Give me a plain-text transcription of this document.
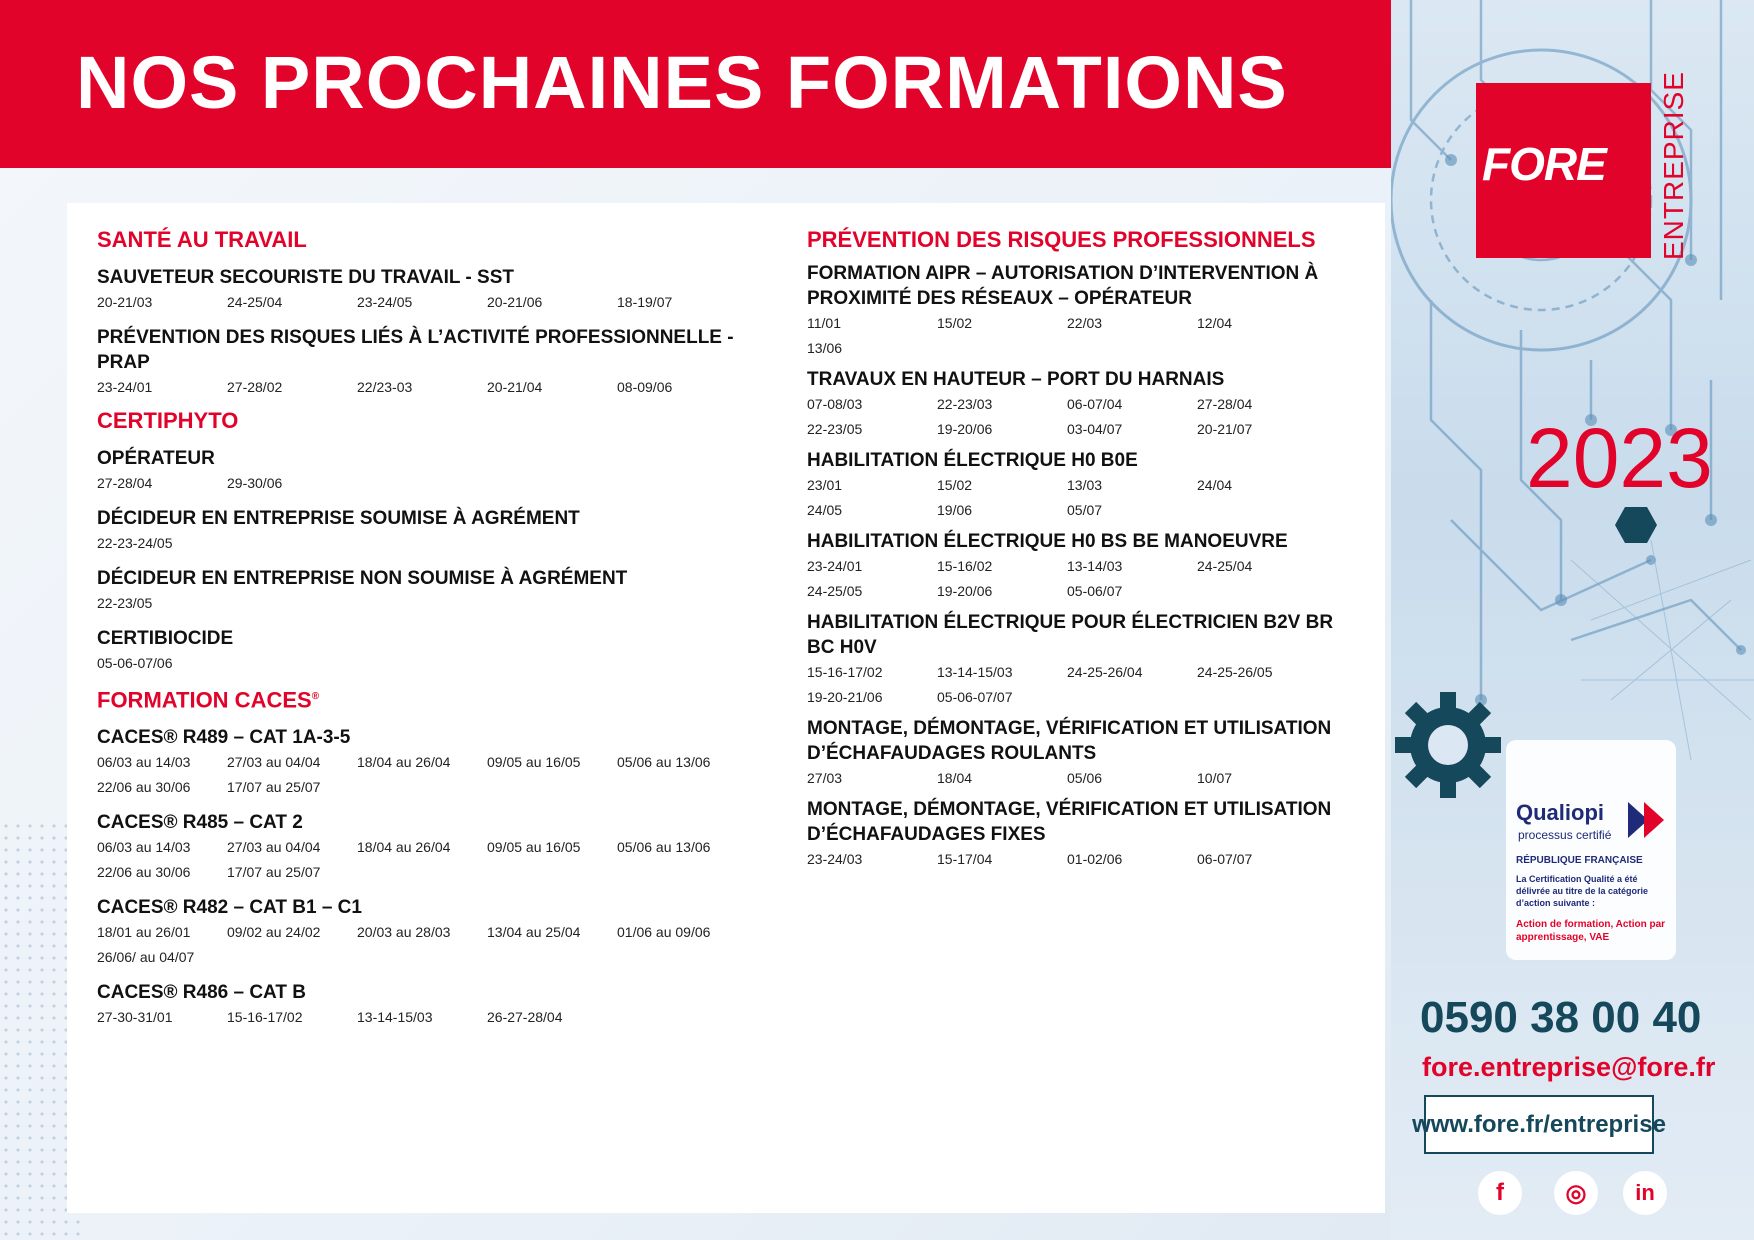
NOS PROCHAINES FORMATIONS

SANTÉ AU TRAVAIL

SAUVETEUR SECOURISTE DU TRAVAIL - SST

20-21/03	24-25/04	23-24/05	20-21/06	18-19/07

PRÉVENTION DES RISQUES LIÉS À L’ACTIVITÉ PROFESSIONNELLE - PRAP

23-24/01	27-28/02	22/23-03	20-21/04	08-09/06

CERTIPHYTO

OPÉRATEUR

27-28/04	29-30/06

DÉCIDEUR EN ENTREPRISE SOUMISE À AGRÉMENT

22-23-24/05

DÉCIDEUR EN ENTREPRISE NON SOUMISE À AGRÉMENT

22-23/05

CERTIBIOCIDE

05-06-07/06

FORMATION CACES®

CACES® R489 – CAT 1A-3-5

06/03 au 14/03	27/03 au 04/04	18/04 au 26/04	09/05 au 16/05	05/06 au 13/06
22/06 au 30/06	17/07 au 25/07

CACES® R485 – CAT 2

06/03 au 14/03	27/03 au 04/04	18/04 au 26/04	09/05 au 16/05	05/06 au 13/06
22/06 au 30/06	17/07 au 25/07

CACES® R482 – CAT B1 – C1

18/01 au 26/01	09/02 au 24/02	20/03 au 28/03	13/04 au 25/04	01/06 au 09/06
26/06/ au 04/07

CACES® R486 – CAT B

27-30-31/01	15-16-17/02	13-14-15/03	26-27-28/04

PRÉVENTION DES RISQUES PROFESSIONNELS

FORMATION AIPR – AUTORISATION D’INTERVENTION À PROXIMITÉ DES RÉSEAUX – OPÉRATEUR

11/01	15/02	22/03	12/04
13/06

TRAVAUX EN HAUTEUR – PORT DU HARNAIS

07-08/03	22-23/03	06-07/04	27-28/04
22-23/05	19-20/06	03-04/07	20-21/07

HABILITATION ÉLECTRIQUE H0 B0E

23/01	15/02	13/03	24/04
24/05	19/06	05/07

HABILITATION ÉLECTRIQUE H0 BS BE MANOEUVRE

23-24/01	15-16/02	13-14/03	24-25/04
24-25/05	19-20/06	05-06/07

HABILITATION ÉLECTRIQUE POUR ÉLECTRICIEN B2V BR BC H0V

15-16-17/02	13-14-15/03	24-25-26/04	24-25-26/05
19-20-21/06	05-06-07/07

MONTAGE, DÉMONTAGE, VÉRIFICATION ET UTILISATION D’ÉCHAFAUDAGES ROULANTS

27/03	18/04	05/06	10/07

MONTAGE, DÉMONTAGE, VÉRIFICATION ET UTILISATION D’ÉCHAFAUDAGES FIXES

23-24/03	15-17/04	01-02/06	06-07/07
FORE ENTREPRISE
2023
Qualiopi
processus certifié
RÉPUBLIQUE FRANÇAISE
La Certification Qualité a été délivrée au titre de la catégorie d’action suivante :
Action de formation, Action par apprentissage, VAE
0590 38 00 40
fore.entreprise@fore.fr
www.fore.fr/entreprise
f	◎	in
